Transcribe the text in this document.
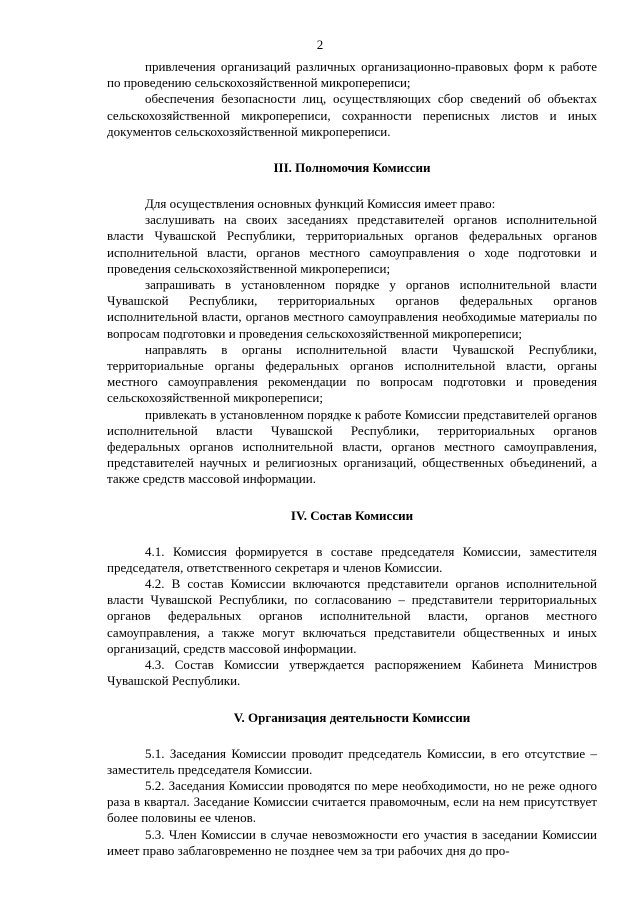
2

привлечения организаций различных организационно-правовых форм к работе по проведению сельскохозяйственной микропереписи;

обеспечения безопасности лиц, осуществляющих сбор сведений об объектах сельскохозяйственной микропереписи, сохранности переписных листов и иных документов сельскохозяйственной микропереписи.

III. Полномочия Комиссии

Для осуществления основных функций Комиссия имеет право:

заслушивать на своих заседаниях представителей органов исполнительной власти Чувашской Республики, территориальных органов федеральных органов исполнительной власти, органов местного самоуправления о ходе подготовки и проведения сельскохозяйственной микропереписи;

запрашивать в установленном порядке у органов исполнительной власти Чувашской Республики, территориальных органов федеральных органов исполнительной власти, органов местного самоуправления необходимые материалы по вопросам подготовки и проведения сельскохозяйственной микропереписи;

направлять в органы исполнительной власти Чувашской Республики, территориальные органы федеральных органов исполнительной власти, органы местного самоуправления рекомендации по вопросам подготовки и проведения сельскохозяйственной микропереписи;

привлекать в установленном порядке к работе Комиссии представителей органов исполнительной власти Чувашской Республики, территориальных органов федеральных органов исполнительной власти, органов местного самоуправления, представителей научных и религиозных организаций, общественных объединений, а также средств массовой информации.

IV. Состав Комиссии

4.1. Комиссия формируется в составе председателя Комиссии, заместителя председателя, ответственного секретаря и членов Комиссии.

4.2. В состав Комиссии включаются представители органов исполнительной власти Чувашской Республики, по согласованию – представители территориальных органов федеральных органов исполнительной власти, органов местного самоуправления, а также могут включаться представители общественных и иных организаций, средств массовой информации.

4.3. Состав Комиссии утверждается распоряжением Кабинета Министров Чувашской Республики.

V. Организация деятельности Комиссии

5.1. Заседания Комиссии проводит председатель Комиссии, в его отсутствие – заместитель председателя Комиссии.

5.2. Заседания Комиссии проводятся по мере необходимости, но не реже одного раза в квартал. Заседание Комиссии считается правомочным, если на нем присутствует более половины ее членов.

5.3. Член Комиссии в случае невозможности его участия в заседании Комиссии имеет право заблаговременно не позднее чем за три рабочих дня до про-
